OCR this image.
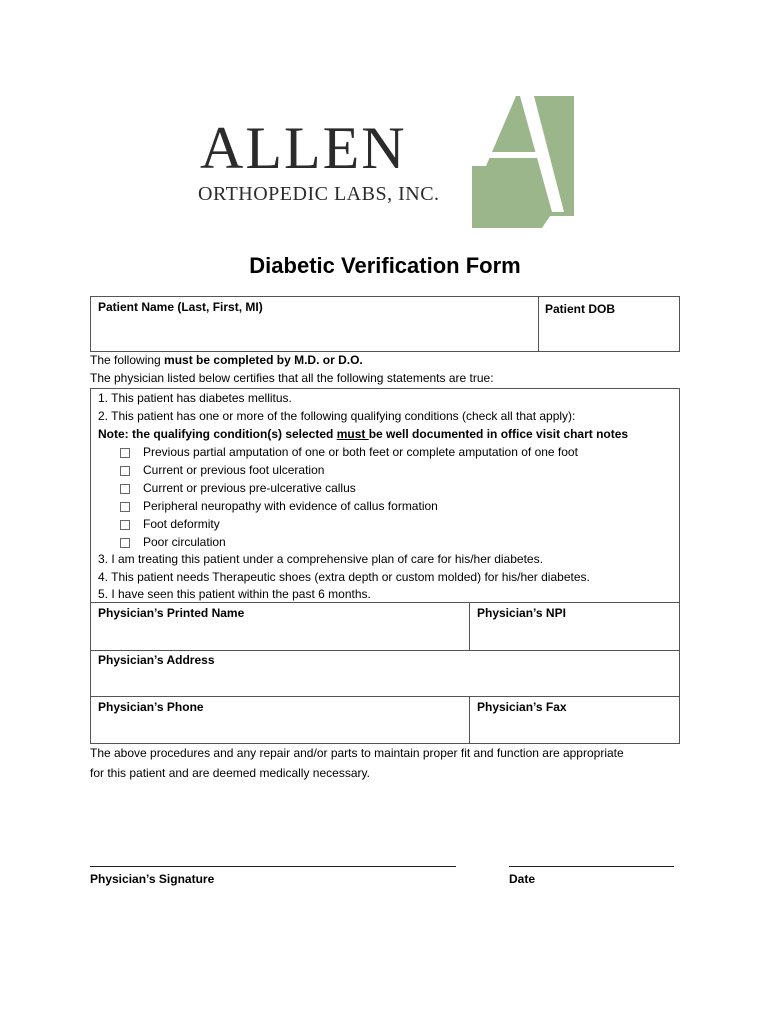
ALLEN
ORTHOPEDIC LABS, INC.
Diabetic Verification Form
Patient Name (Last, First, MI)	Patient DOB
The following must be completed by M.D. or D.O.
The physician listed below certifies that all the following statements are true:
1. This patient has diabetes mellitus.
2. This patient has one or more of the following qualifying conditions (check all that apply):
Note: the qualifying condition(s) selected must be well documented in office visit chart notes
Previous partial amputation of one or both feet or complete amputation of one foot
Current or previous foot ulceration
Current or previous pre-ulcerative callus
Peripheral neuropathy with evidence of callus formation
Foot deformity
Poor circulation
3. I am treating this patient under a comprehensive plan of care for his/her diabetes.
4. This patient needs Therapeutic shoes (extra depth or custom molded) for his/her diabetes.
5. I have seen this patient within the past 6 months.
Physician’s Printed Name	Physician’s NPI
Physician’s Address
Physician’s Phone	Physician’s Fax
The above procedures and any repair and/or parts to maintain proper fit and function are appropriate
for this patient and are deemed medically necessary.
Physician’s Signature	Date
